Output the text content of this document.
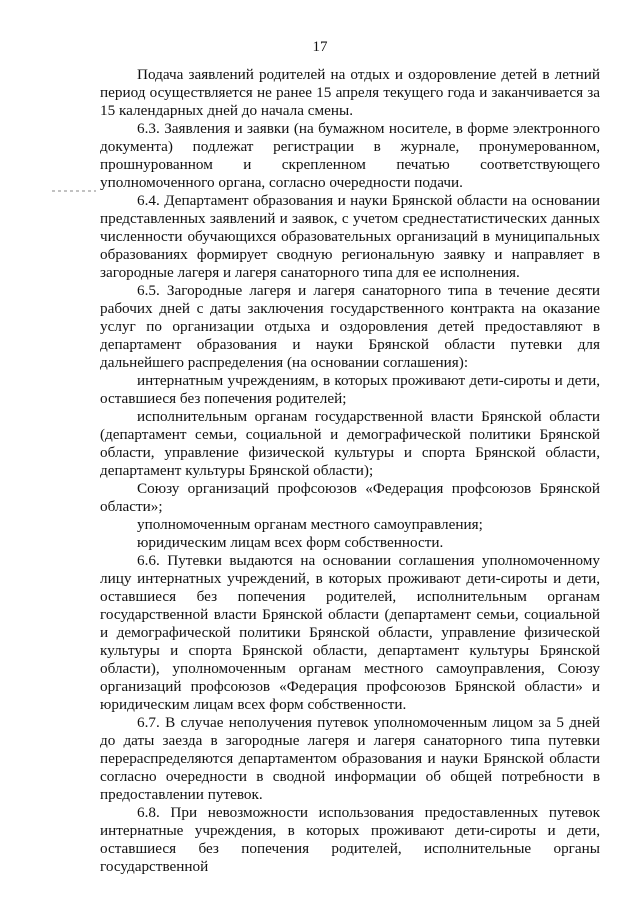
17

Подача заявлений родителей на отдых и оздоровление детей в летний период осуществляется не ранее 15 апреля текущего года и заканчивается за 15 календарных дней до начала смены.

6.3. Заявления и заявки (на бумажном носителе, в форме электронного документа) подлежат регистрации в журнале, пронумерованном, прошнурованном и скрепленном печатью соответствующего уполномоченного органа, согласно очередности подачи.

6.4. Департамент образования и науки Брянской области на основании представленных заявлений и заявок, с учетом среднестатистических данных численности обучающихся образовательных организаций в муниципальных образованиях формирует сводную региональную заявку и направляет в загородные лагеря и лагеря санаторного типа для ее исполнения.

6.5. Загородные лагеря и лагеря санаторного типа в течение десяти рабочих дней с даты заключения государственного контракта на оказание услуг по организации отдыха и оздоровления детей предоставляют в департамент образования и науки Брянской области путевки для дальнейшего распределения (на основании соглашения):

интернатным учреждениям, в которых проживают дети-сироты и дети, оставшиеся без попечения родителей;

исполнительным органам государственной власти Брянской области (департамент семьи, социальной и демографической политики Брянской области, управление физической культуры и спорта Брянской области, департамент культуры Брянской области);

Союзу организаций профсоюзов «Федерация профсоюзов Брянской области»;

уполномоченным органам местного самоуправления;

юридическим лицам всех форм собственности.

6.6. Путевки выдаются на основании соглашения уполномоченному лицу интернатных учреждений, в которых проживают дети-сироты и дети, оставшиеся без попечения родителей, исполнительным органам государственной власти Брянской области (департамент семьи, социальной и демографической политики Брянской области, управление физической культуры и спорта Брянской области, департамент культуры Брянской области), уполномоченным органам местного самоуправления, Союзу организаций профсоюзов «Федерация профсоюзов Брянской области» и юридическим лицам всех форм собственности.

6.7. В случае неполучения путевок уполномоченным лицом за 5 дней до даты заезда в загородные лагеря и лагеря санаторного типа путевки перераспределяются департаментом образования и науки Брянской области согласно очередности в сводной информации об общей потребности в предоставлении путевок.

6.8. При невозможности использования предоставленных путевок интернатные учреждения, в которых проживают дети-сироты и дети, оставшиеся без попечения родителей, исполнительные органы государственной
